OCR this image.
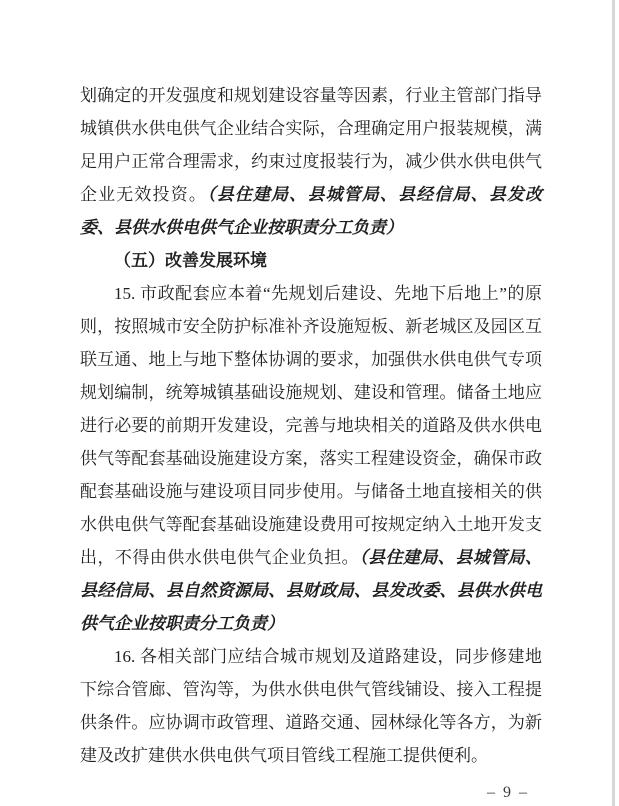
划确定的开发强度和规划建设容量等因素，行业主管部门指导城镇供水供电供气企业结合实际，合理确定用户报装规模，满足用户正常合理需求，约束过度报装行为，减少供水供电供气企业无效投资。（县住建局、县城管局、县经信局、县发改委、县供水供电供气企业按职责分工负责）

（五）改善发展环境

15. 市政配套应本着“先规划后建设、先地下后地上”的原则，按照城市安全防护标准补齐设施短板、新老城区及园区互联互通、地上与地下整体协调的要求，加强供水供电供气专项规划编制，统筹城镇基础设施规划、建设和管理。储备土地应进行必要的前期开发建设，完善与地块相关的道路及供水供电供气等配套基础设施建设方案，落实工程建设资金，确保市政配套基础设施与建设项目同步使用。与储备土地直接相关的供水供电供气等配套基础设施建设费用可按规定纳入土地开发支出，不得由供水供电供气企业负担。（县住建局、县城管局、县经信局、县自然资源局、县财政局、县发改委、县供水供电供气企业按职责分工负责）

16. 各相关部门应结合城市规划及道路建设，同步修建地下综合管廊、管沟等，为供水供电供气管线铺设、接入工程提供条件。应协调市政管理、道路交通、园林绿化等各方，为新建及改扩建供水供电供气项目管线工程施工提供便利。

– 9 –
